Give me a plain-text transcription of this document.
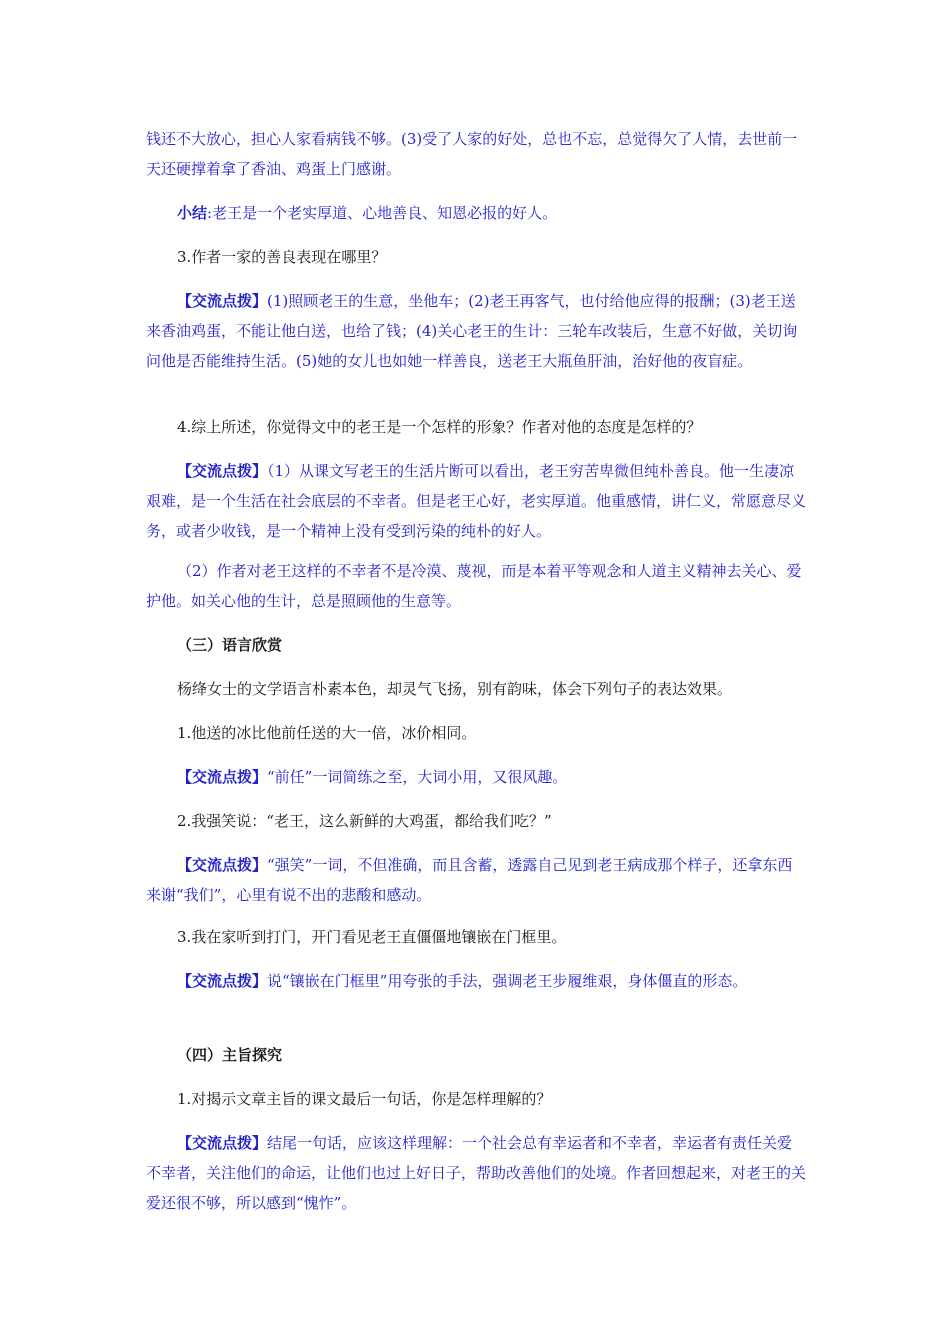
钱还不大放心，担心人家看病钱不够。(3)受了人家的好处，总也不忘，总觉得欠了人情，去世前一天还硬撑着拿了香油、鸡蛋上门感谢。

小结:老王是一个老实厚道、心地善良、知恩必报的好人。

3.作者一家的善良表现在哪里？

【交流点拨】(1)照顾老王的生意，坐他车；(2)老王再客气，也付给他应得的报酬；(3)老王送来香油鸡蛋，不能让他白送，也给了钱；(4)关心老王的生计：三轮车改装后，生意不好做，关切询问他是否能维持生活。(5)她的女儿也如她一样善良，送老王大瓶鱼肝油，治好他的夜盲症。

4.综上所述，你觉得文中的老王是一个怎样的形象？作者对他的态度是怎样的？

【交流点拨】（1）从课文写老王的生活片断可以看出，老王穷苦卑微但纯朴善良。他一生凄凉艰难，是一个生活在社会底层的不幸者。但是老王心好，老实厚道。他重感情，讲仁义，常愿意尽义务，或者少收钱，是一个精神上没有受到污染的纯朴的好人。

（2）作者对老王这样的不幸者不是冷漠、蔑视，而是本着平等观念和人道主义精神去关心、爱护他。如关心他的生计，总是照顾他的生意等。

（三）语言欣赏

杨绛女士的文学语言朴素本色，却灵气飞扬，别有韵味，体会下列句子的表达效果。

1.他送的冰比他前任送的大一倍，冰价相同。

【交流点拨】“前任”一词简练之至，大词小用，又很风趣。

2.我强笑说：“老王，这么新鲜的大鸡蛋，都给我们吃？”

【交流点拨】“强笑”一词，不但准确，而且含蓄，透露自己见到老王病成那个样子，还拿东西来谢“我们”，心里有说不出的悲酸和感动。

3.我在家听到打门，开门看见老王直僵僵地镶嵌在门框里。

【交流点拨】说“镶嵌在门框里”用夸张的手法，强调老王步履维艰，身体僵直的形态。

（四）主旨探究

1.对揭示文章主旨的课文最后一句话，你是怎样理解的？

【交流点拨】结尾一句话，应该这样理解：一个社会总有幸运者和不幸者，幸运者有责任关爱不幸者，关注他们的命运，让他们也过上好日子，帮助改善他们的处境。作者回想起来，对老王的关爱还很不够，所以感到“愧怍”。
